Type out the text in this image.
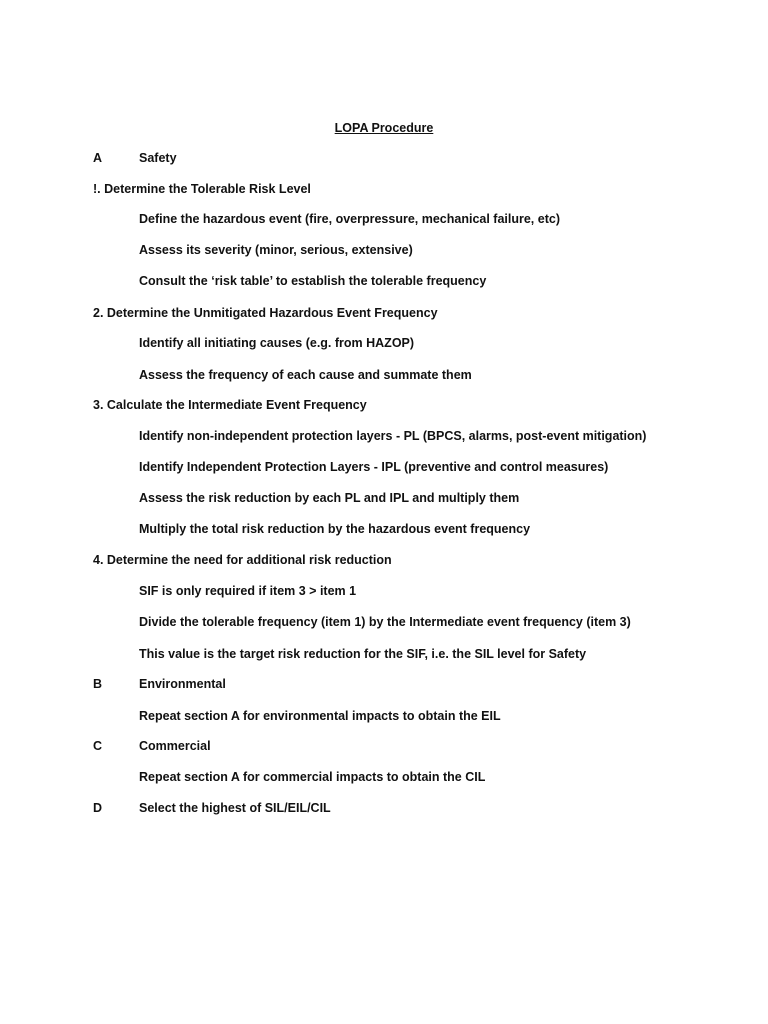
LOPA Procedure
A	Safety
!. Determine the Tolerable Risk Level
Define the hazardous event (fire, overpressure, mechanical failure, etc)
Assess its severity (minor, serious, extensive)
Consult the ‘risk table’ to establish the tolerable frequency
2. Determine the Unmitigated Hazardous Event Frequency
Identify all initiating causes (e.g. from HAZOP)
Assess the frequency of each cause and summate them
3. Calculate the Intermediate Event Frequency
Identify non-independent protection layers - PL (BPCS, alarms, post-event mitigation)
Identify Independent Protection Layers - IPL (preventive and control measures)
Assess the risk reduction by each PL and IPL and multiply them
Multiply the total risk reduction by the hazardous event frequency
4. Determine the need for additional risk reduction
SIF is only required if item 3 > item 1
Divide the tolerable frequency (item 1) by the Intermediate event frequency (item 3)
This value is the target risk reduction for the SIF, i.e. the SIL level for Safety
B	Environmental
Repeat section A for environmental impacts to obtain the EIL
C	Commercial
Repeat section A for commercial impacts to obtain the CIL
D	Select the highest of SIL/EIL/CIL
